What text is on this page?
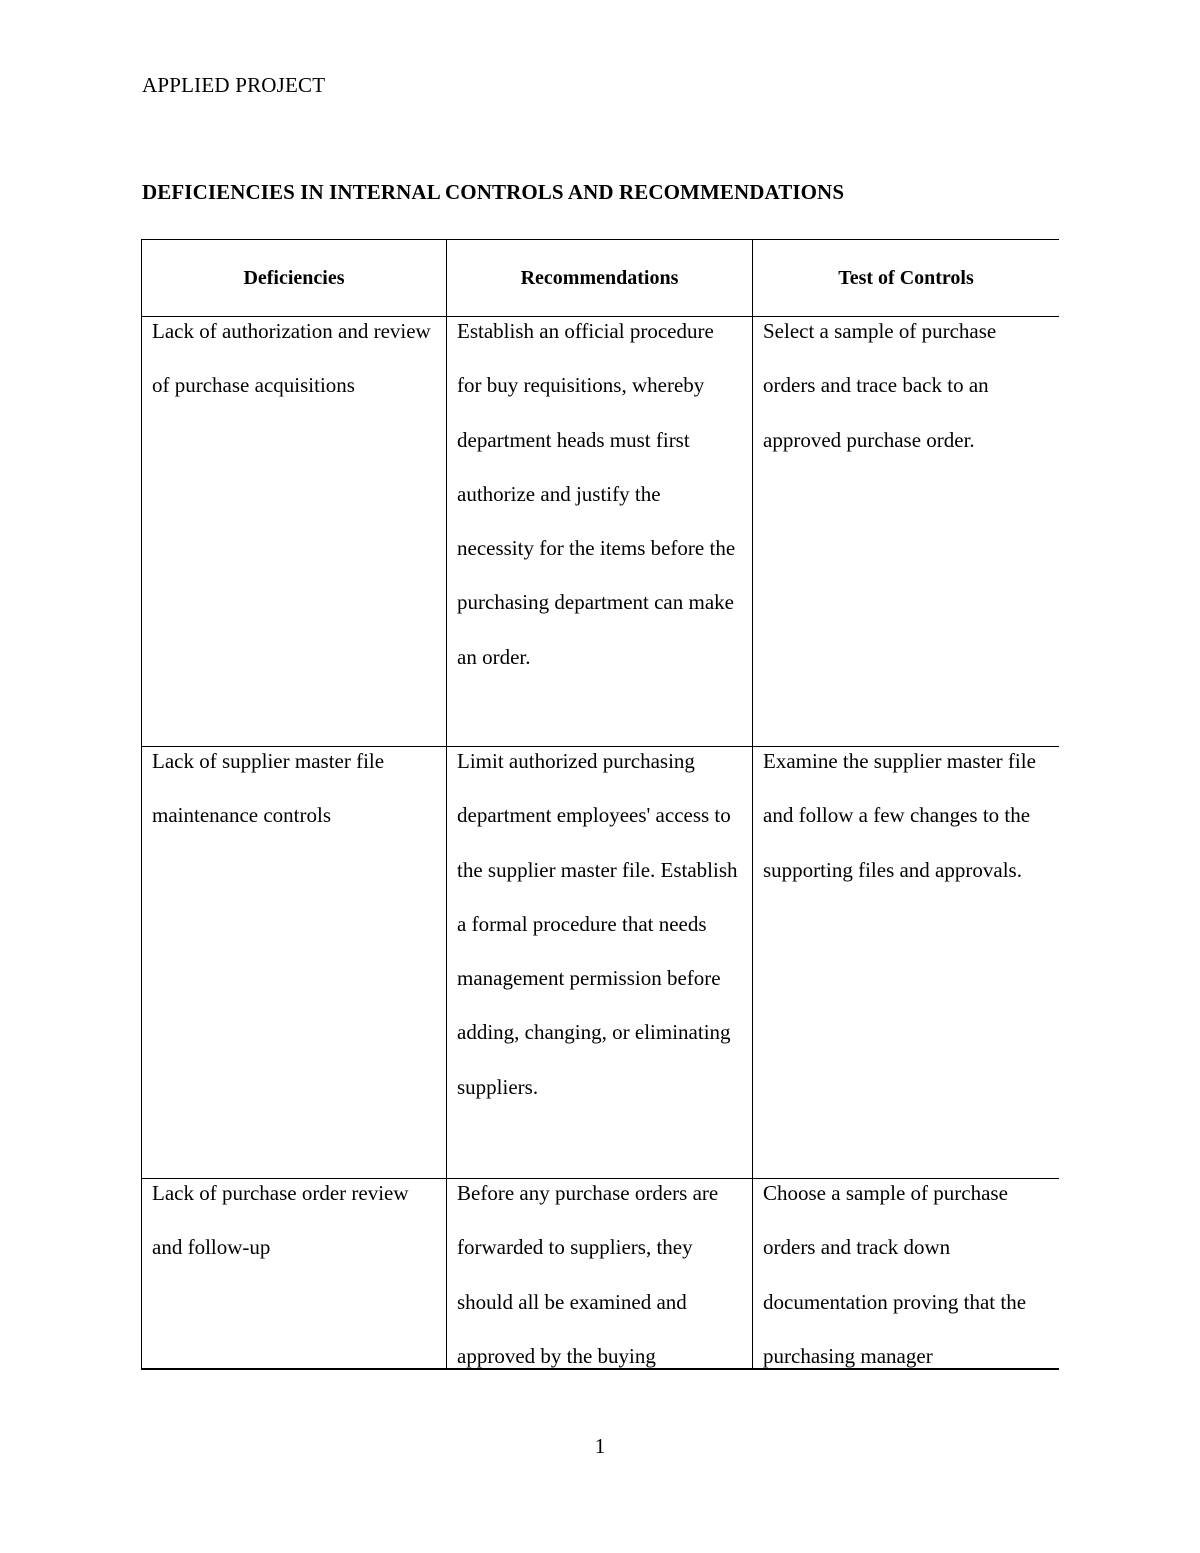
APPLIED PROJECT
DEFICIENCIES IN INTERNAL CONTROLS AND RECOMMENDATIONS
Deficiencies	Recommendations	Test of Controls

Lack of authorization and review of purchase acquisitions	Establish an official procedure for buy requisitions, whereby department heads must first authorize and justify the necessity for the items before the purchasing department can make an order.	Select a sample of purchase orders and trace back to an approved purchase order.

Lack of supplier master file maintenance controls	Limit authorized purchasing department employees' access to the supplier master file. Establish a formal procedure that needs management permission before adding, changing, or eliminating suppliers.	Examine the supplier master file and follow a few changes to the supporting files and approvals.

Lack of purchase order review and follow-up	Before any purchase orders are forwarded to suppliers, they should all be examined and approved by the buying	Choose a sample of purchase orders and track down documentation proving that the purchasing manager
1
